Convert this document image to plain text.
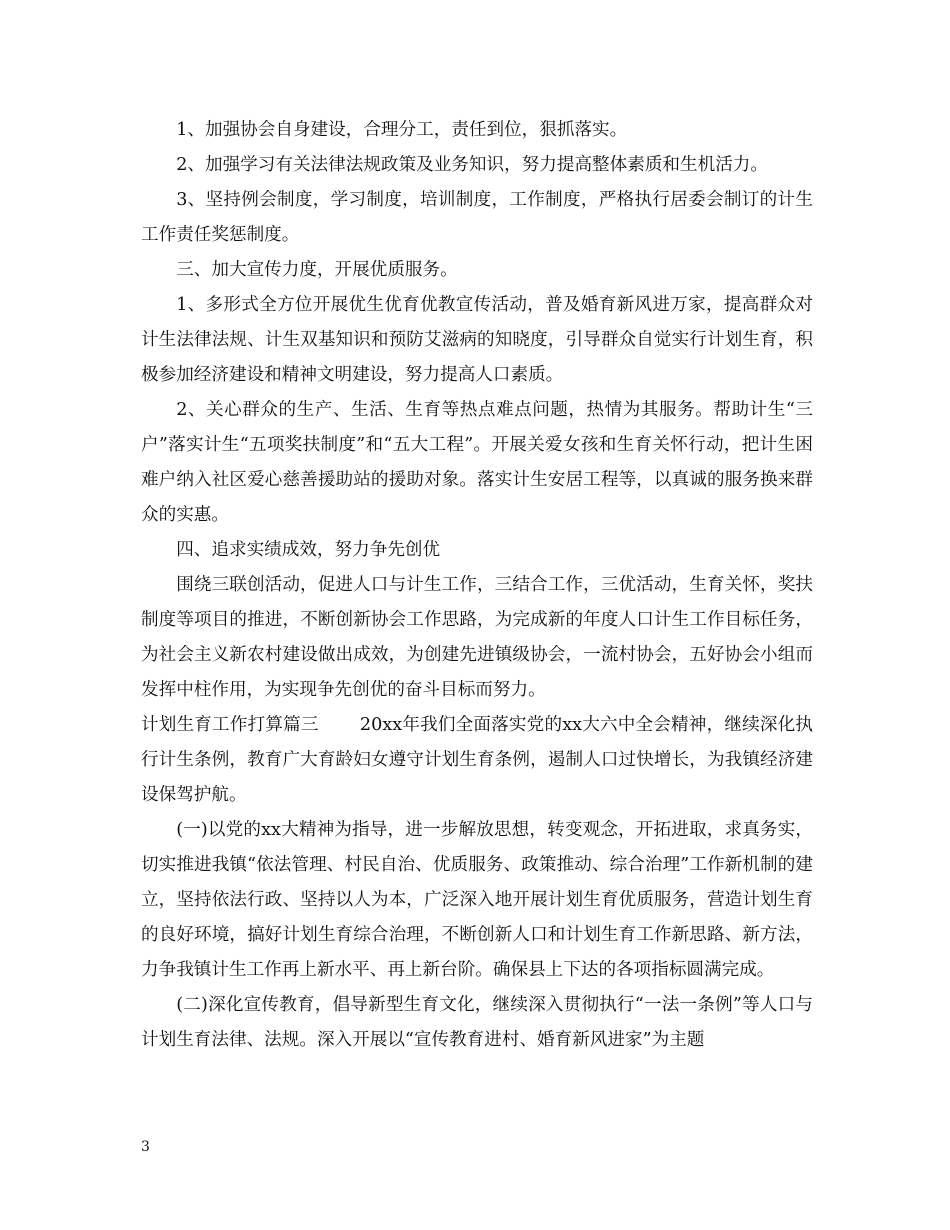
1、加强协会自身建设，合理分工，责任到位，狠抓落实。

2、加强学习有关法律法规政策及业务知识，努力提高整体素质和生机活力。

3、坚持例会制度，学习制度，培训制度，工作制度，严格执行居委会制订的计生工作责任奖惩制度。

三、加大宣传力度，开展优质服务。

1、多形式全方位开展优生优育优教宣传活动，普及婚育新风进万家，提高群众对计生法律法规、计生双基知识和预防艾滋病的知晓度，引导群众自觉实行计划生育，积极参加经济建设和精神文明建设，努力提高人口素质。

2、关心群众的生产、生活、生育等热点难点问题，热情为其服务。帮助计生“三户”落实计生“五项奖扶制度”和“五大工程”。开展关爱女孩和生育关怀行动，把计生困难户纳入社区爱心慈善援助站的援助对象。落实计生安居工程等，以真诚的服务换来群众的实惠。

四、追求实绩成效，努力争先创优

围绕三联创活动，促进人口与计生工作，三结合工作，三优活动，生育关怀，奖扶制度等项目的推进，不断创新协会工作思路，为完成新的年度人口计生工作目标任务，为社会主义新农村建设做出成效，为创建先进镇级协会，一流村协会，五好协会小组而发挥中柱作用，为实现争先创优的奋斗目标而努力。

计划生育工作打算篇三　　 20xx年我们全面落实党的xx大六中全会精神，继续深化执行计生条例，教育广大育龄妇女遵守计划生育条例，遏制人口过快增长，为我镇经济建设保驾护航。

(一)以党的xx大精神为指导，进一步解放思想，转变观念，开拓进取，求真务实，切实推进我镇“依法管理、村民自治、优质服务、政策推动、综合治理”工作新机制的建立，坚持依法行政、坚持以人为本，广泛深入地开展计划生育优质服务，营造计划生育的良好环境，搞好计划生育综合治理，不断创新人口和计划生育工作新思路、新方法，力争我镇计生工作再上新水平、再上新台阶。确保县上下达的各项指标圆满完成。

(二)深化宣传教育，倡导新型生育文化，继续深入贯彻执行“一法一条例”等人口与计划生育法律、法规。深入开展以“宣传教育进村、婚育新风进家”为主题

3
